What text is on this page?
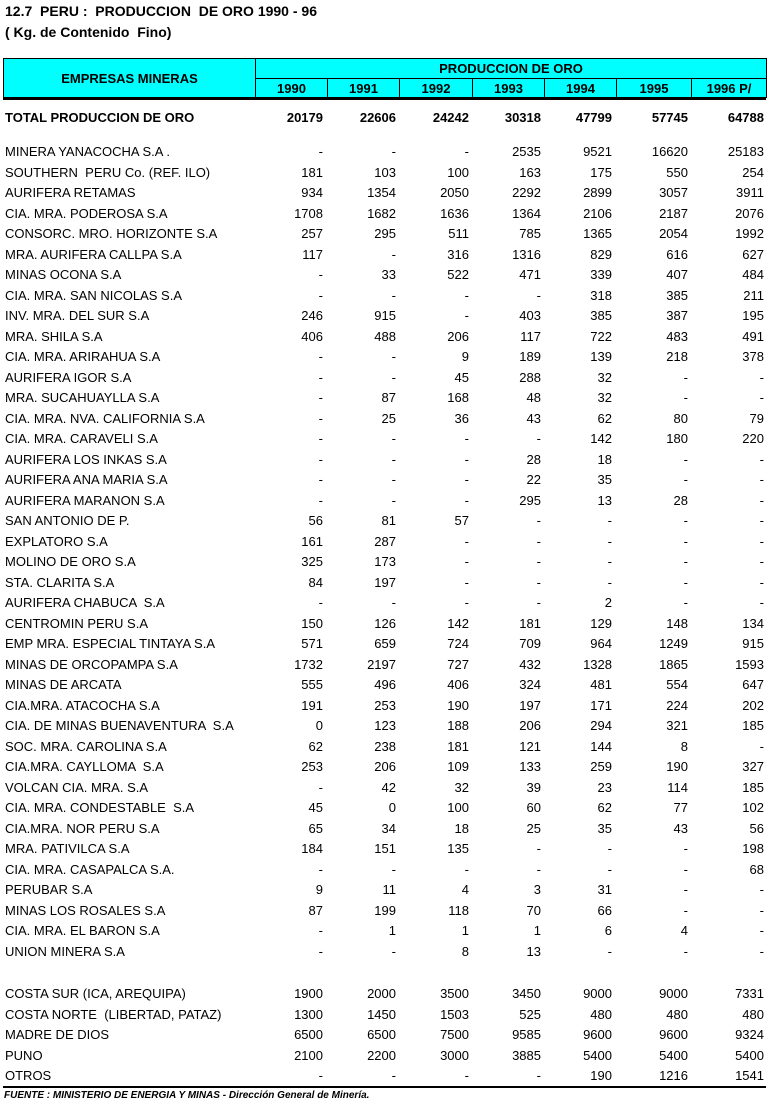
12.7  PERU :  PRODUCCION  DE ORO 1990 - 96
( Kg. de Contenido  Fino)
EMPRESAS MINERAS	PRODUCCION DE ORO						
	1990	1991	1992	1993	1994	1995	1996 P/
TOTAL PRODUCCION DE ORO	20179	22606	24242	30318	47799	57745	64788
MINERA YANACOCHA S.A .	-	-	-	2535	9521	16620	25183
SOUTHERN  PERU Co. (REF. ILO)	181	103	100	163	175	550	254
AURIFERA RETAMAS	934	1354	2050	2292	2899	3057	3911
CIA. MRA. PODEROSA S.A	1708	1682	1636	1364	2106	2187	2076
CONSORC. MRO. HORIZONTE S.A	257	295	511	785	1365	2054	1992
MRA. AURIFERA CALLPA S.A	117	-	316	1316	829	616	627
MINAS OCONA S.A	-	33	522	471	339	407	484
CIA. MRA. SAN NICOLAS S.A	-	-	-	-	318	385	211
INV. MRA. DEL SUR S.A	246	915	-	403	385	387	195
MRA. SHILA S.A	406	488	206	117	722	483	491
CIA. MRA. ARIRAHUA S.A	-	-	9	189	139	218	378
AURIFERA IGOR S.A	-	-	45	288	32	-	-
MRA. SUCAHUAYLLA S.A	-	87	168	48	32	-	-
CIA. MRA. NVA. CALIFORNIA S.A	-	25	36	43	62	80	79
CIA. MRA. CARAVELI S.A	-	-	-	-	142	180	220
AURIFERA LOS INKAS S.A	-	-	-	28	18	-	-
AURIFERA ANA MARIA S.A	-	-	-	22	35	-	-
AURIFERA MARANON S.A	-	-	-	295	13	28	-
SAN ANTONIO DE P.	56	81	57	-	-	-	-
EXPLATORO S.A	161	287	-	-	-	-	-
MOLINO DE ORO S.A	325	173	-	-	-	-	-
STA. CLARITA S.A	84	197	-	-	-	-	-
AURIFERA CHABUCA  S.A	-	-	-	-	2	-	-
CENTROMIN PERU S.A	150	126	142	181	129	148	134
EMP MRA. ESPECIAL TINTAYA S.A	571	659	724	709	964	1249	915
MINAS DE ORCOPAMPA S.A	1732	2197	727	432	1328	1865	1593
MINAS DE ARCATA	555	496	406	324	481	554	647
CIA.MRA. ATACOCHA S.A	191	253	190	197	171	224	202
CIA. DE MINAS BUENAVENTURA  S.A	0	123	188	206	294	321	185
SOC. MRA. CAROLINA S.A	62	238	181	121	144	8	-
CIA.MRA. CAYLLOMA  S.A	253	206	109	133	259	190	327
VOLCAN CIA. MRA. S.A	-	42	32	39	23	114	185
CIA. MRA. CONDESTABLE  S.A	45	0	100	60	62	77	102
CIA.MRA. NOR PERU S.A	65	34	18	25	35	43	56
MRA. PATIVILCA S.A	184	151	135	-	-	-	198
CIA. MRA. CASAPALCA S.A.	-	-	-	-	-	-	68
PERUBAR S.A	9	11	4	3	31	-	-
MINAS LOS ROSALES S.A	87	199	118	70	66	-	-
CIA. MRA. EL BARON S.A	-	1	1	1	6	4	-
UNION MINERA S.A	-	-	8	13	-	-	-
COSTA SUR (ICA, AREQUIPA)	1900	2000	3500	3450	9000	9000	7331
COSTA NORTE  (LIBERTAD, PATAZ)	1300	1450	1503	525	480	480	480
MADRE DE DIOS	6500	6500	7500	9585	9600	9600	9324
PUNO	2100	2200	3000	3885	5400	5400	5400
OTROS	-	-	-	-	190	1216	1541
FUENTE : MINISTERIO DE ENERGIA Y MINAS - Dirección General de Minería.
